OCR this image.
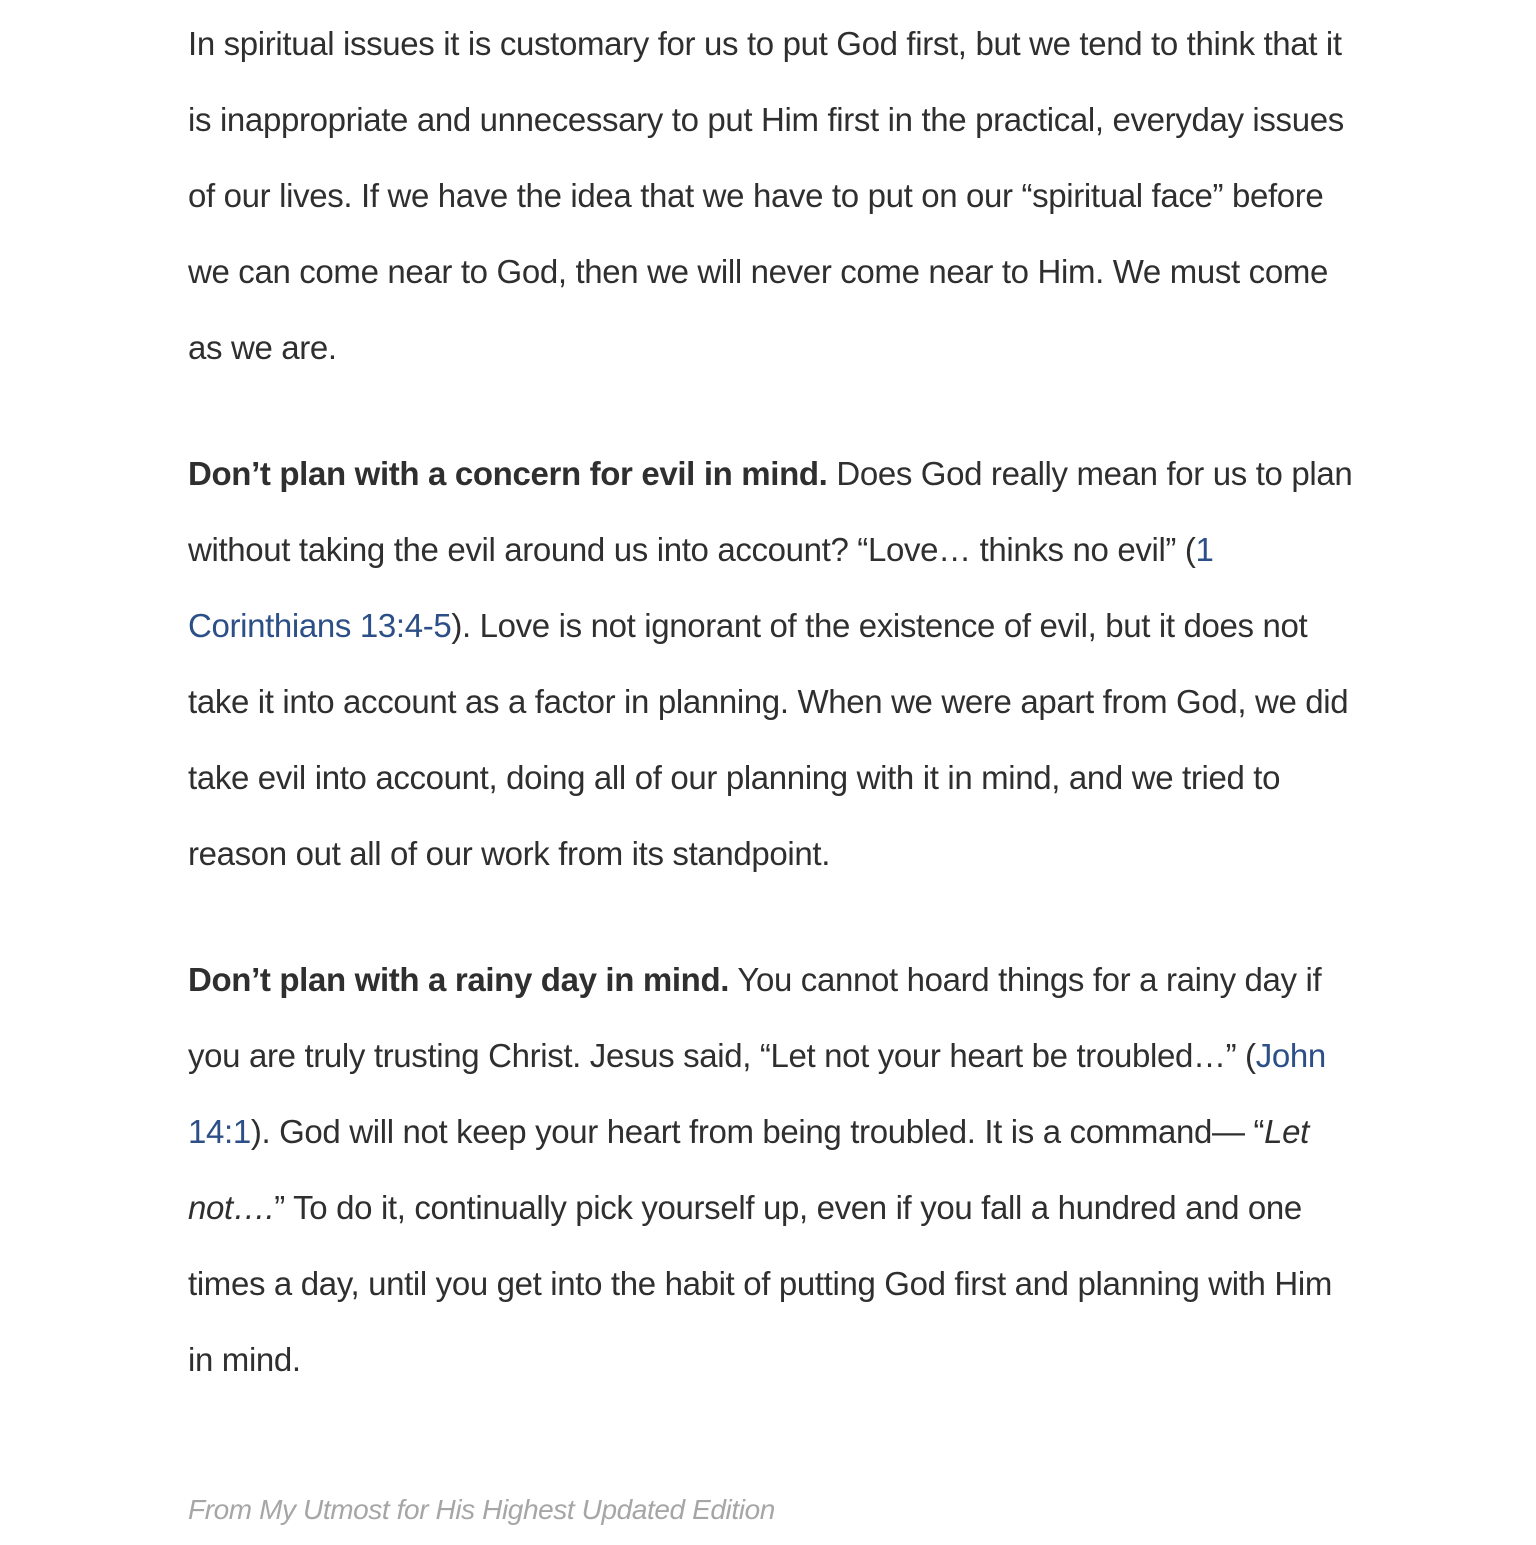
In spiritual issues it is customary for us to put God first, but we tend to think that it is inappropriate and unnecessary to put Him first in the practical, everyday issues of our lives. If we have the idea that we have to put on our “spiritual face” before we can come near to God, then we will never come near to Him. We must come as we are.

Don’t plan with a concern for evil in mind. Does God really mean for us to plan without taking the evil around us into account? “Love… thinks no evil” (1 Corinthians 13:4-5). Love is not ignorant of the existence of evil, but it does not take it into account as a factor in planning. When we were apart from God, we did take evil into account, doing all of our planning with it in mind, and we tried to reason out all of our work from its standpoint.

Don’t plan with a rainy day in mind. You cannot hoard things for a rainy day if you are truly trusting Christ. Jesus said, “Let not your heart be troubled…” (John 14:1). God will not keep your heart from being troubled. It is a command— “Let not….” To do it, continually pick yourself up, even if you fall a hundred and one times a day, until you get into the habit of putting God first and planning with Him in mind.

From My Utmost for His Highest Updated Edition
